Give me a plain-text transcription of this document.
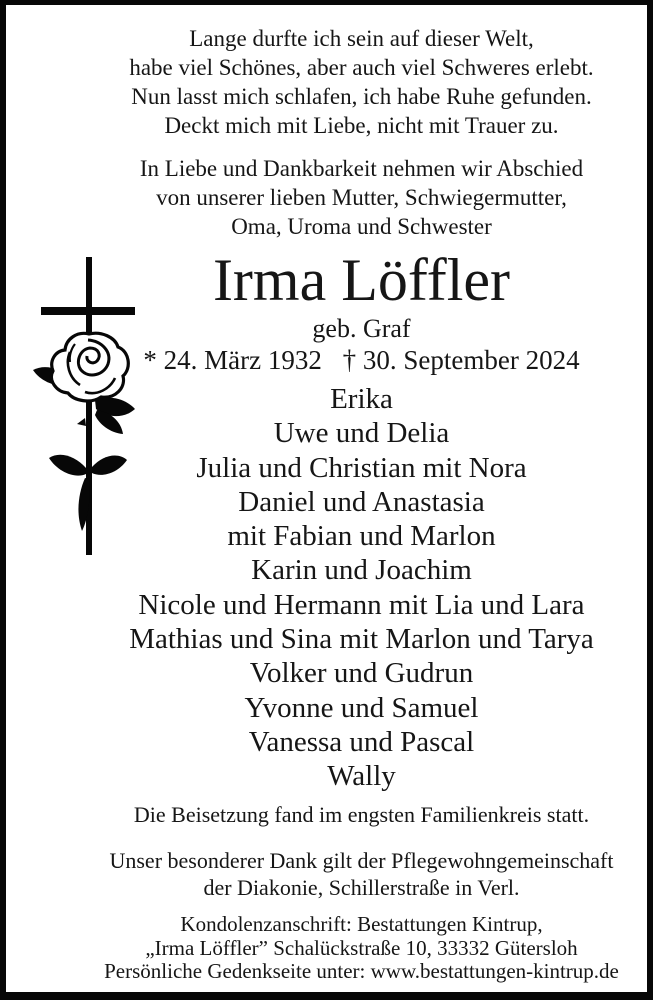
Lange durfte ich sein auf dieser Welt,
habe viel Schönes, aber auch viel Schweres erlebt.
Nun lasst mich schlafen, ich habe Ruhe gefunden.
Deckt mich mit Liebe, nicht mit Trauer zu.
In Liebe und Dankbarkeit nehmen wir Abschied
von unserer lieben Mutter, Schwiegermutter,
Oma, Uroma und Schwester
Irma Löffler
geb. Graf
* 24. März 1932 † 30. September 2024
Erika
Uwe und Delia
Julia und Christian mit Nora
Daniel und Anastasia
mit Fabian und Marlon
Karin und Joachim
Nicole und Hermann mit Lia und Lara
Mathias und Sina mit Marlon und Tarya
Volker und Gudrun
Yvonne und Samuel
Vanessa und Pascal
Wally
Die Beisetzung fand im engsten Familienkreis statt.
Unser besonderer Dank gilt der Pflegewohngemeinschaft
der Diakonie, Schillerstraße in Verl.
Kondolenzanschrift: Bestattungen Kintrup,
„Irma Löffler” Schalückstraße 10, 33332 Gütersloh
Persönliche Gedenkseite unter: www.bestattungen-kintrup.de
